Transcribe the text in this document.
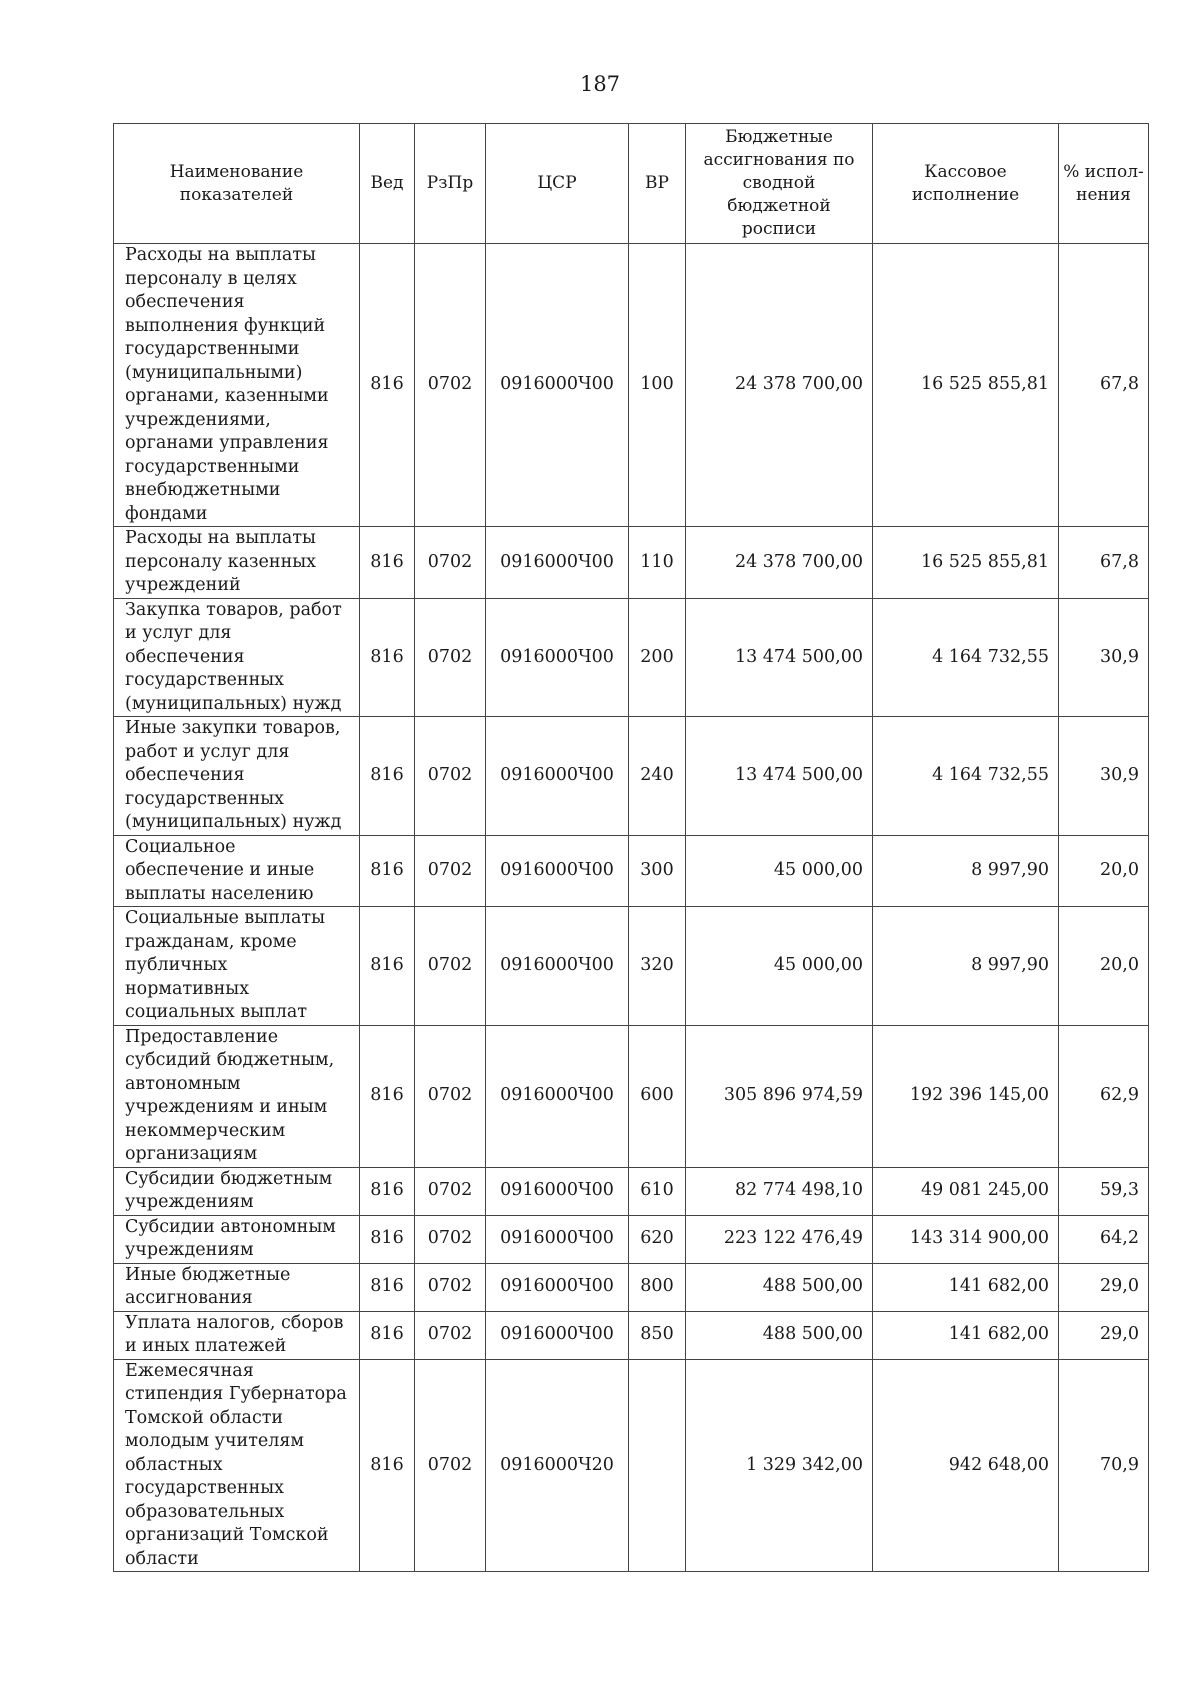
187
Наименование показателей	Вед	РзПр	ЦСР	ВР	Бюджетные ассигнования по сводной бюджетной росписи	Кассовое исполнение	% испол-нения
Расходы на выплаты персоналу в целях обеспечения выполнения функций государственными (муниципальными) органами, казенными учреждениями, органами управления государственными внебюджетными фондами	816	0702	0916000Ч00	100	24 378 700,00	16 525 855,81	67,8
Расходы на выплаты персоналу казенных учреждений	816	0702	0916000Ч00	110	24 378 700,00	16 525 855,81	67,8
Закупка товаров, работ и услуг для обеспечения государственных (муниципальных) нужд	816	0702	0916000Ч00	200	13 474 500,00	4 164 732,55	30,9
Иные закупки товаров, работ и услуг для обеспечения государственных (муниципальных) нужд	816	0702	0916000Ч00	240	13 474 500,00	4 164 732,55	30,9
Социальное обеспечение и иные выплаты населению	816	0702	0916000Ч00	300	45 000,00	8 997,90	20,0
Социальные выплаты гражданам, кроме публичных нормативных социальных выплат	816	0702	0916000Ч00	320	45 000,00	8 997,90	20,0
Предоставление субсидий бюджетным, автономным учреждениям и иным некоммерческим организациям	816	0702	0916000Ч00	600	305 896 974,59	192 396 145,00	62,9
Субсидии бюджетным учреждениям	816	0702	0916000Ч00	610	82 774 498,10	49 081 245,00	59,3
Субсидии автономным учреждениям	816	0702	0916000Ч00	620	223 122 476,49	143 314 900,00	64,2
Иные бюджетные ассигнования	816	0702	0916000Ч00	800	488 500,00	141 682,00	29,0
Уплата налогов, сборов и иных платежей	816	0702	0916000Ч00	850	488 500,00	141 682,00	29,0
Ежемесячная стипендия Губернатора Томской области молодым учителям областных государственных образовательных организаций Томской области	816	0702	0916000Ч20		1 329 342,00	942 648,00	70,9
